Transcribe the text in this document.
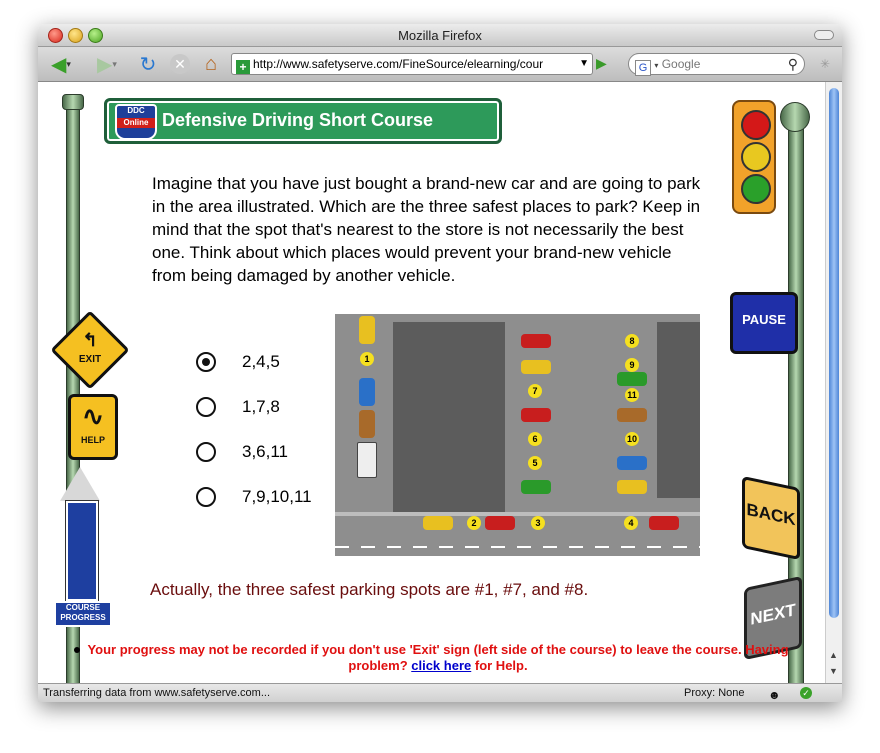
Mozilla Firefox
◀ ▾	▶ ▾ ↻ ✕ ⌂	+ http://www.safetyserve.com/FineSource/elearning/cour	▼ ▶	G ▾ Google	⚲ ✳
DDC
Online Defensive Driving Short Course
↰
EXIT
∿
HELP
COURSE
PROGRESS
PAUSE
BACK
NEXT
Imagine that you have just bought a brand-new car and are going to park in the area illustrated. Which are the three safest places to park? Keep in mind that the spot that's nearest to the store is not necessarily the best one. Think about which places would prevent your brand-new vehicle from being damaged by another vehicle.
2,4,5
1,7,8
3,6,11
7,9,10,11
1
2	3	4
5
6
7
8
9
10
11
Actually, the three safest parking spots are #1, #7, and #8.
Your progress may not be recorded if you don't use 'Exit' sign (left side of the course) to leave the course. Having problem? click here for Help.
▲
▼
Transferring data from www.safetyserve.com...	Proxy: None ☻ ✓
